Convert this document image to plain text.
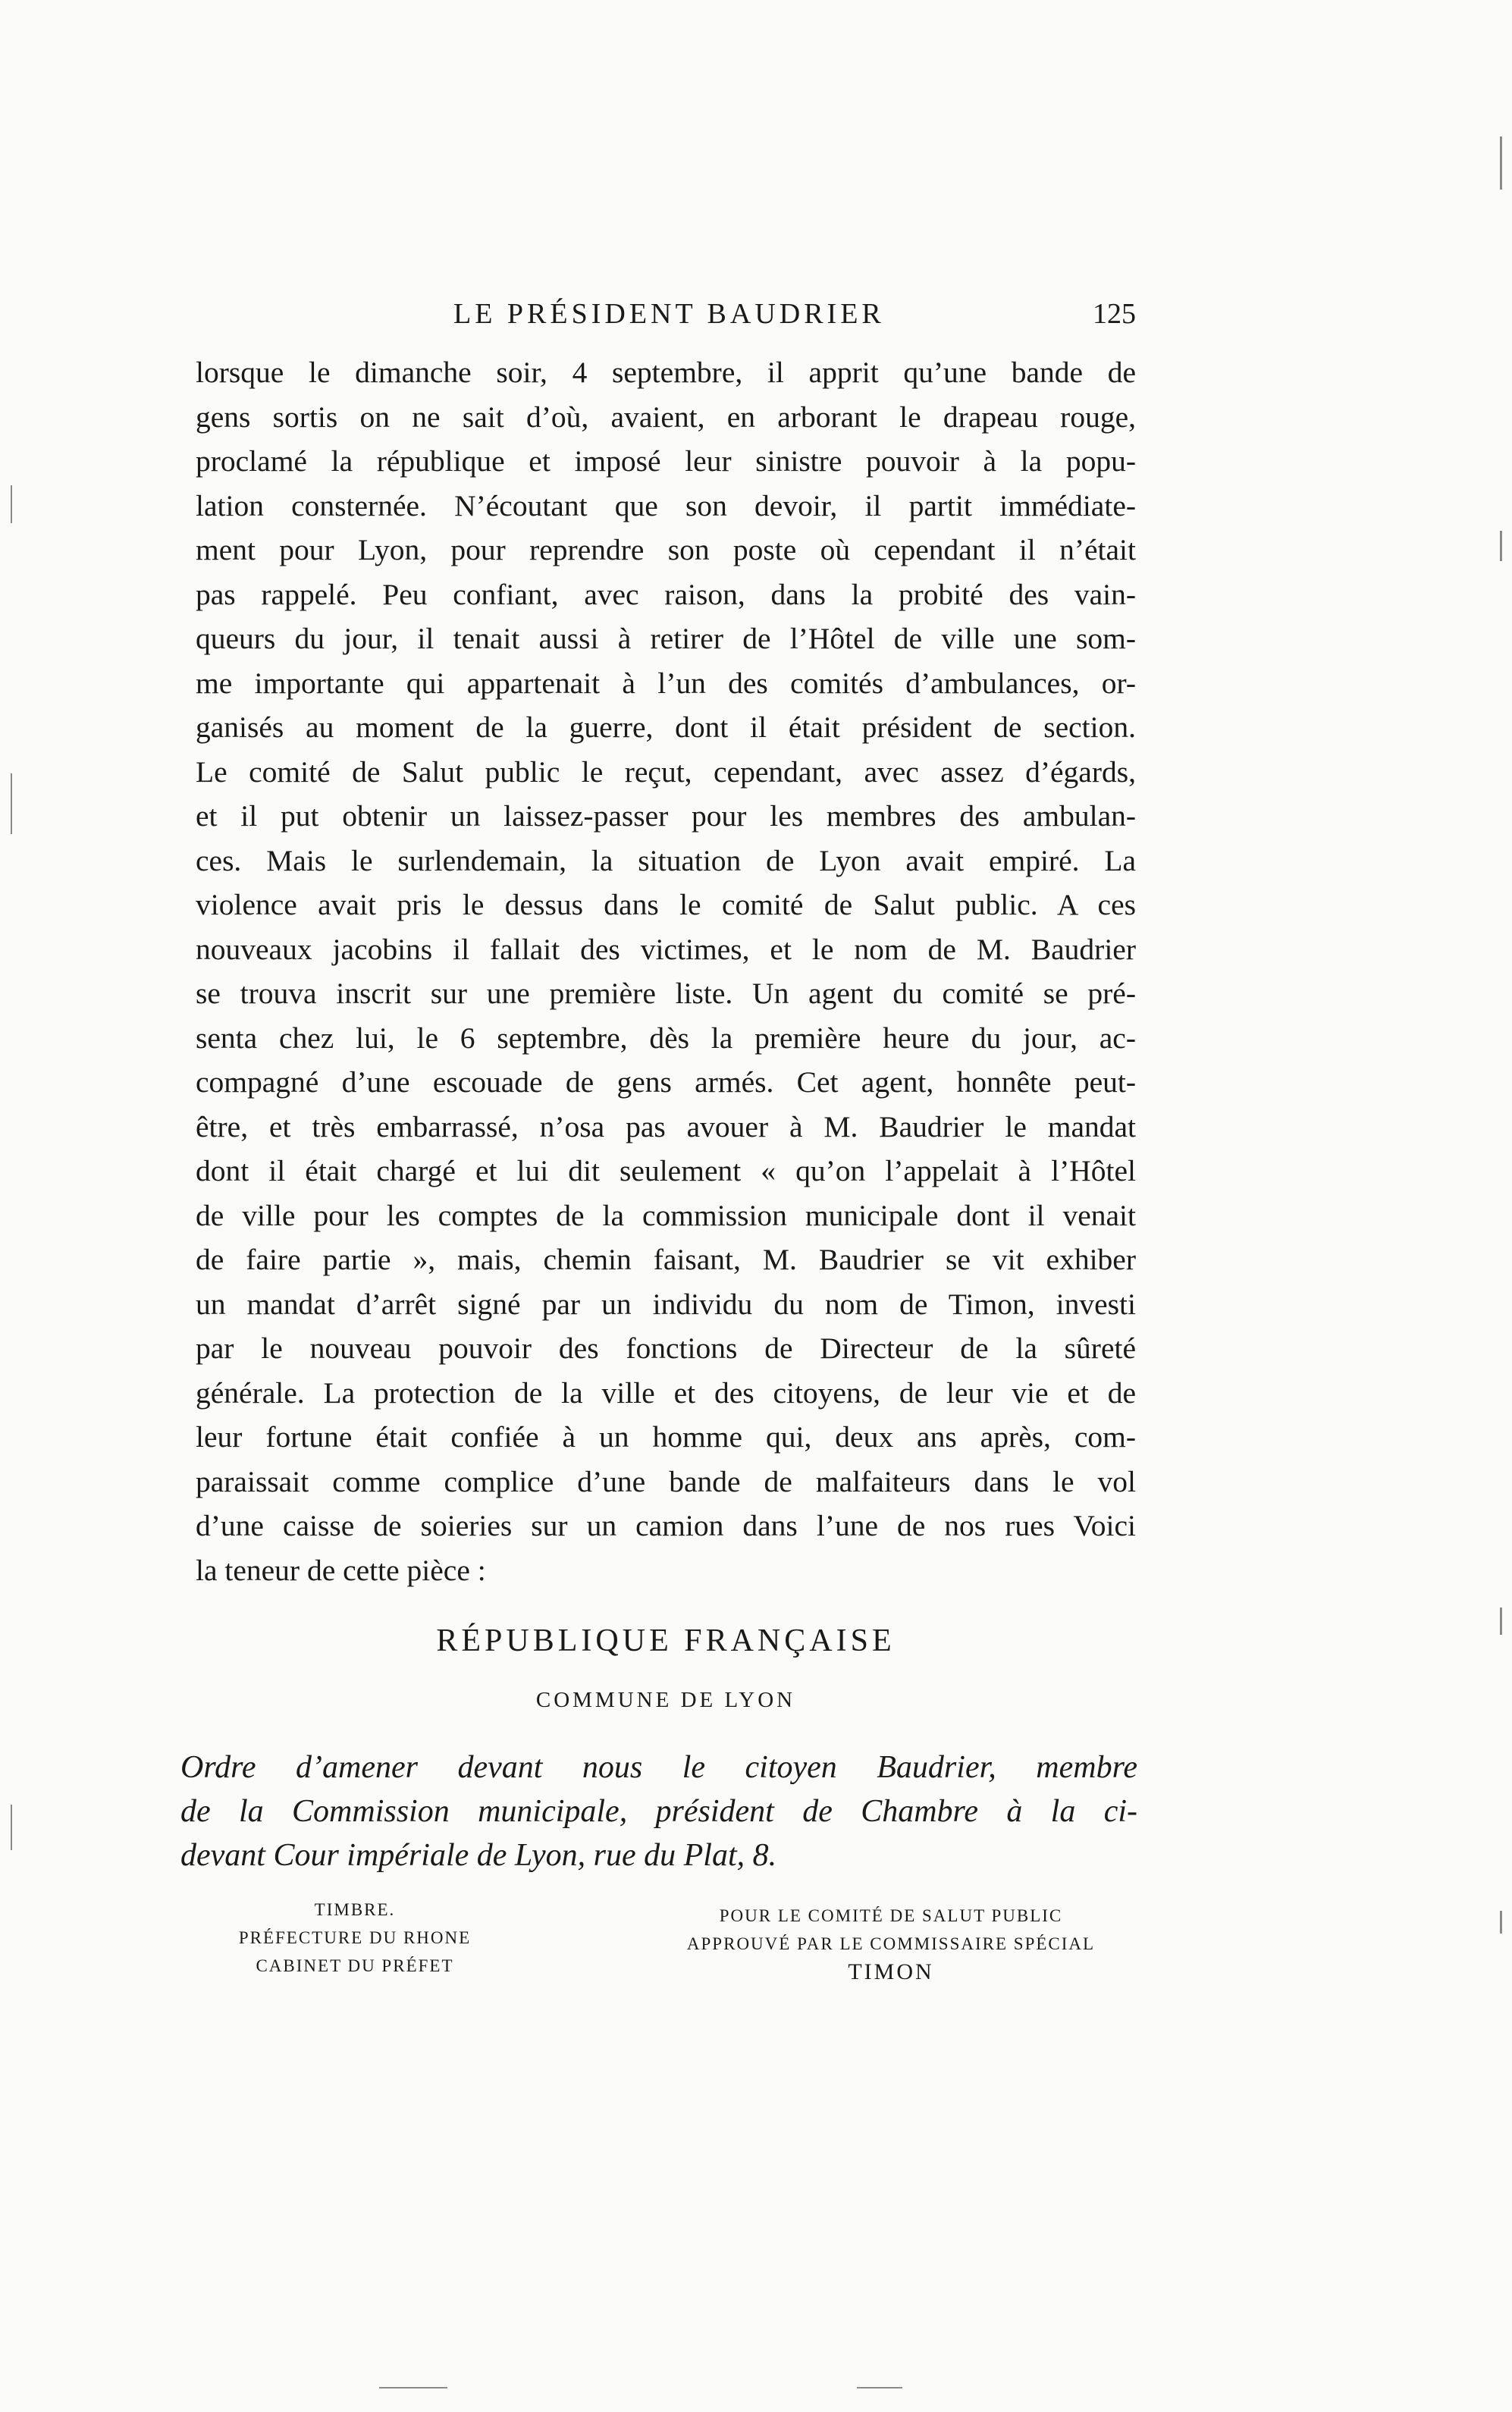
LE PRÉSIDENT BAUDRIER	125
lorsque le dimanche soir, 4 septembre, il apprit qu’une bande de
gens sortis on ne sait d’où, avaient, en arborant le drapeau rouge,
proclamé la république et imposé leur sinistre pouvoir à la popu-
lation consternée. N’écoutant que son devoir, il partit immédiate-
ment pour Lyon, pour reprendre son poste où cependant il n’était
pas rappelé. Peu confiant, avec raison, dans la probité des vain-
queurs du jour, il tenait aussi à retirer de l’Hôtel de ville une som-
me importante qui appartenait à l’un des comités d’ambulances, or-
ganisés au moment de la guerre, dont il était président de section.
Le comité de Salut public le reçut, cependant, avec assez d’égards,
et il put obtenir un laissez-passer pour les membres des ambulan-
ces. Mais le surlendemain, la situation de Lyon avait empiré. La
violence avait pris le dessus dans le comité de Salut public. A ces
nouveaux jacobins il fallait des victimes, et le nom de M. Baudrier
se trouva inscrit sur une première liste. Un agent du comité se pré-
senta chez lui, le 6 septembre, dès la première heure du jour, ac-
compagné d’une escouade de gens armés. Cet agent, honnête peut-
être, et très embarrassé, n’osa pas avouer à M. Baudrier le mandat
dont il était chargé et lui dit seulement « qu’on l’appelait à l’Hôtel
de ville pour les comptes de la commission municipale dont il venait
de faire partie », mais, chemin faisant, M. Baudrier se vit exhiber
un mandat d’arrêt signé par un individu du nom de Timon, investi
par le nouveau pouvoir des fonctions de Directeur de la sûreté
générale. La protection de la ville et des citoyens, de leur vie et de
leur fortune était confiée à un homme qui, deux ans après, com-
paraissait comme complice d’une bande de malfaiteurs dans le vol
d’une caisse de soieries sur un camion dans l’une de nos rues Voici
la teneur de cette pièce :
RÉPUBLIQUE FRANÇAISE
COMMUNE DE LYON
Ordre d’amener devant nous le citoyen Baudrier, membre
de la Commission municipale, président de Chambre à la ci-
devant Cour impériale de Lyon, rue du Plat, 8.
TIMBRE.
PRÉFECTURE DU RHONE
CABINET DU PRÉFET
POUR LE COMITÉ DE SALUT PUBLIC
APPROUVÉ PAR LE COMMISSAIRE SPÉCIAL
TIMON
